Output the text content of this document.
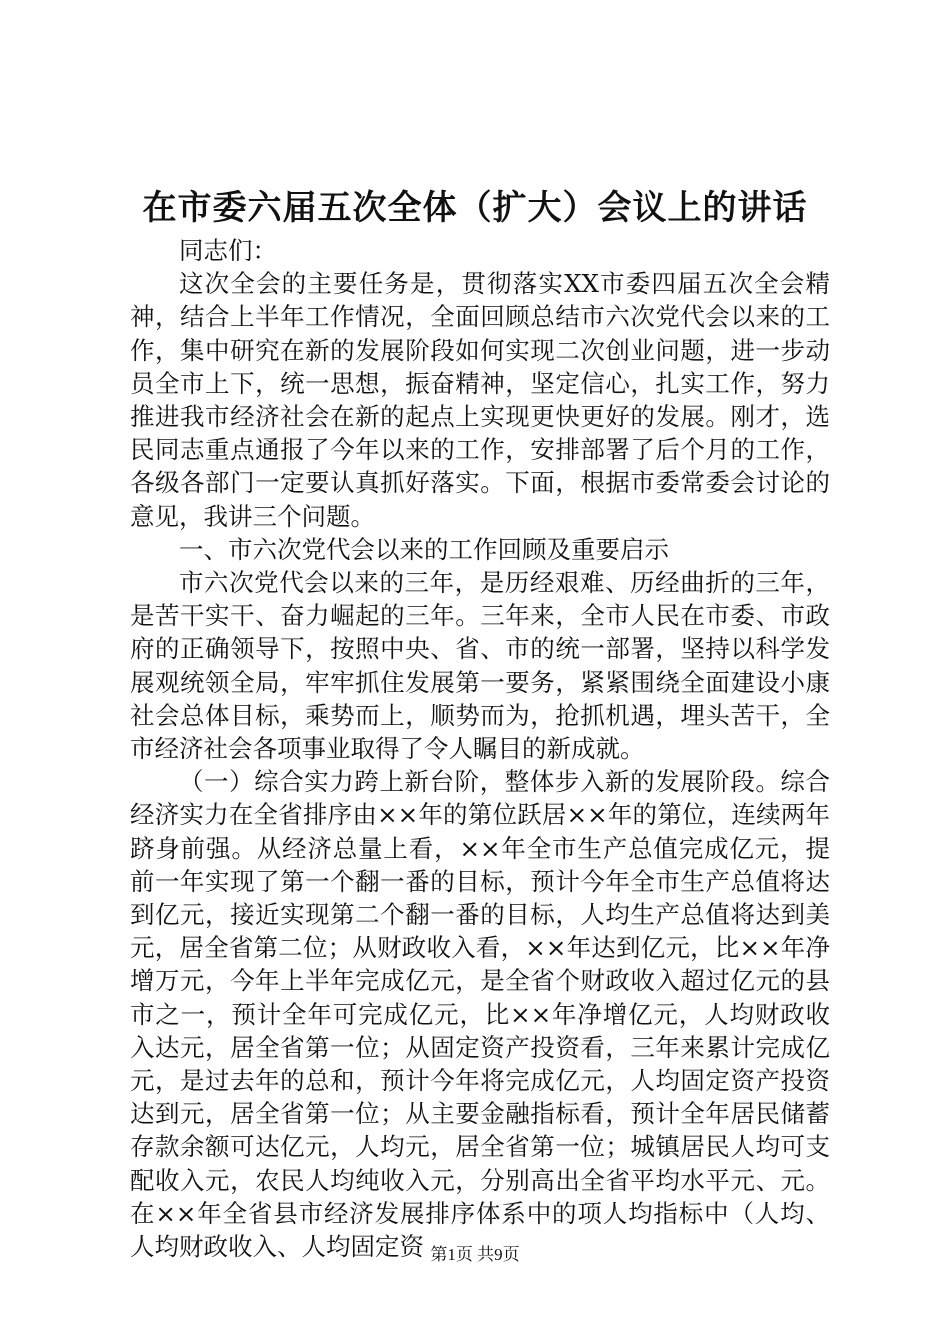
在市委六届五次全体（扩大）会议上的讲话

同志们：

这次全会的主要任务是，贯彻落实XX市委四届五次全会精神，结合上半年工作情况，全面回顾总结市六次党代会以来的工作，集中研究在新的发展阶段如何实现二次创业问题，进一步动员全市上下，统一思想，振奋精神，坚定信心，扎实工作，努力推进我市经济社会在新的起点上实现更快更好的发展。刚才，选民同志重点通报了今年以来的工作，安排部署了后个月的工作，各级各部门一定要认真抓好落实。下面，根据市委常委会讨论的意见，我讲三个问题。

一、市六次党代会以来的工作回顾及重要启示

市六次党代会以来的三年，是历经艰难、历经曲折的三年，是苦干实干、奋力崛起的三年。三年来，全市人民在市委、市政府的正确领导下，按照中央、省、市的统一部署，坚持以科学发展观统领全局，牢牢抓住发展第一要务，紧紧围绕全面建设小康社会总体目标，乘势而上，顺势而为，抢抓机遇，埋头苦干，全市经济社会各项事业取得了令人瞩目的新成就。

（一）综合实力跨上新台阶，整体步入新的发展阶段。综合经济实力在全省排序由××年的第位跃居××年的第位，连续两年跻身前强。从经济总量上看，××年全市生产总值完成亿元，提前一年实现了第一个翻一番的目标，预计今年全市生产总值将达到亿元，接近实现第二个翻一番的目标，人均生产总值将达到美元，居全省第二位；从财政收入看，××年达到亿元，比××年净增万元，今年上半年完成亿元，是全省个财政收入超过亿元的县市之一，预计全年可完成亿元，比××年净增亿元，人均财政收入达元，居全省第一位；从固定资产投资看，三年来累计完成亿元，是过去年的总和，预计今年将完成亿元，人均固定资产投资达到元，居全省第一位；从主要金融指标看，预计全年居民储蓄存款余额可达亿元，人均元，居全省第一位；城镇居民人均可支配收入元，农民人均纯收入元，分别高出全省平均水平元、元。在××年全省县市经济发展排序体系中的项人均指标中（人均、人均财政收入、人均固定资 第1页 共9页
